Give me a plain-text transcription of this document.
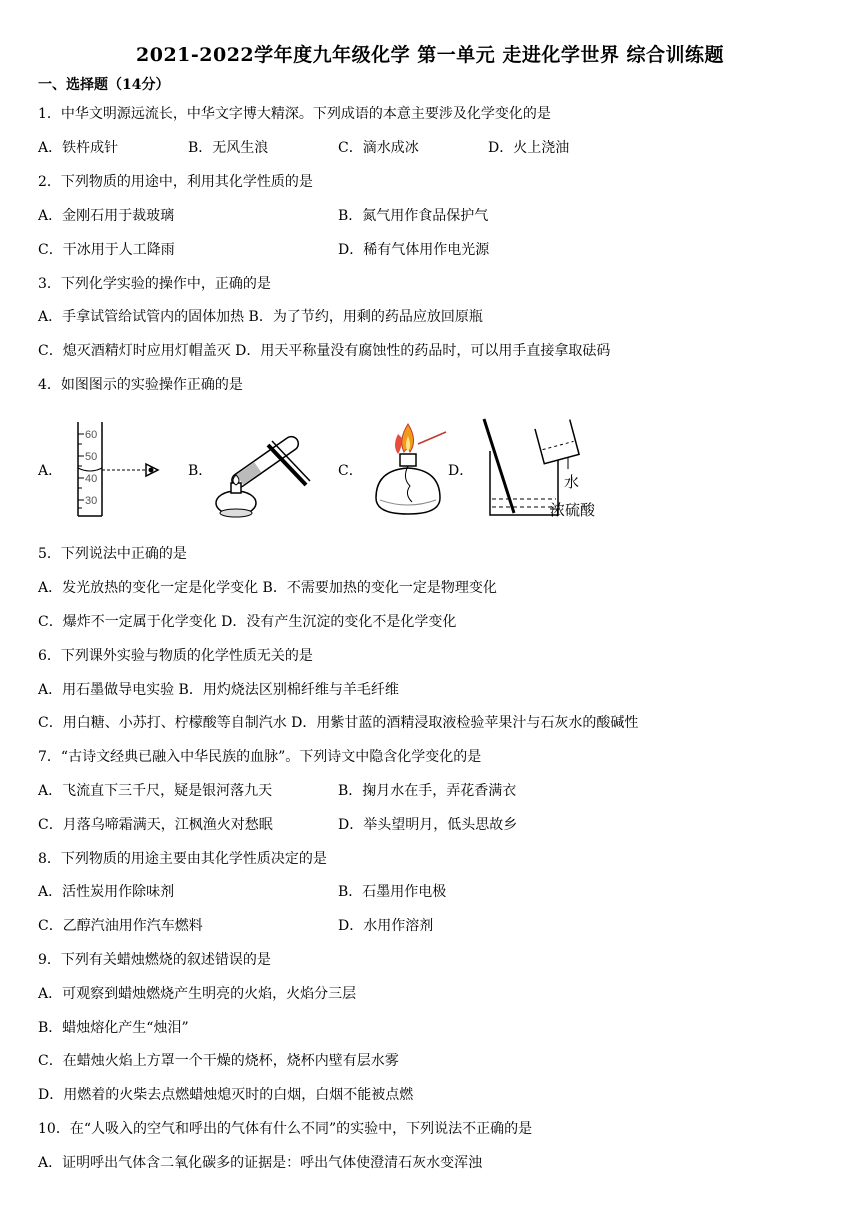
2021-2022学年度九年级化学 第一单元 走进化学世界 综合训练题
一、选择题（14分）
1．中华文明源远流长，中华文字博大精深。下列成语的本意主要涉及化学变化的是
A．铁杵成针	B．无风生浪	C．滴水成冰	D．火上浇油
2．下列物质的用途中，利用其化学性质的是
A．金刚石用于裁玻璃	B．氮气用作食品保护气
C．干冰用于人工降雨	D．稀有气体用作电光源
3．下列化学实验的操作中，正确的是
A．手拿试管给试管内的固体加热 B．为了节约，用剩的药品应放回原瓶
C．熄灭酒精灯时应用灯帽盖灭 D．用天平称量没有腐蚀性的药品时，可以用手直接拿取砝码
4．如图图示的实验操作正确的是
A．
60
50
40
30
B．	C．	D．
水
浓硫酸
5．下列说法中正确的是
A．发光放热的变化一定是化学变化 B．不需要加热的变化一定是物理变化
C．爆炸不一定属于化学变化 D．没有产生沉淀的变化不是化学变化
6．下列课外实验与物质的化学性质无关的是
A．用石墨做导电实验 B．用灼烧法区别棉纤维与羊毛纤维
C．用白糖、小苏打、柠檬酸等自制汽水 D．用紫甘蓝的酒精浸取液检验苹果汁与石灰水的酸碱性
7．“古诗文经典已融入中华民族的血脉”。下列诗文中隐含化学变化的是
A．飞流直下三千尺，疑是银河落九天	B．掬月水在手，弄花香满衣
C．月落乌啼霜满天，江枫渔火对愁眠	D．举头望明月，低头思故乡
8．下列物质的用途主要由其化学性质决定的是
A．活性炭用作除味剂	B．石墨用作电极
C．乙醇汽油用作汽车燃料	D．水用作溶剂
9．下列有关蜡烛燃烧的叙述错误的是
A．可观察到蜡烛燃烧产生明亮的火焰，火焰分三层
B．蜡烛熔化产生“烛泪”
C．在蜡烛火焰上方罩一个干燥的烧杯，烧杯内壁有层水雾
D．用燃着的火柴去点燃蜡烛熄灭时的白烟，白烟不能被点燃
10．在“人吸入的空气和呼出的气体有什么不同”的实验中，下列说法不正确的是
A．证明呼出气体含二氧化碳多的证据是：呼出气体使澄清石灰水变浑浊
